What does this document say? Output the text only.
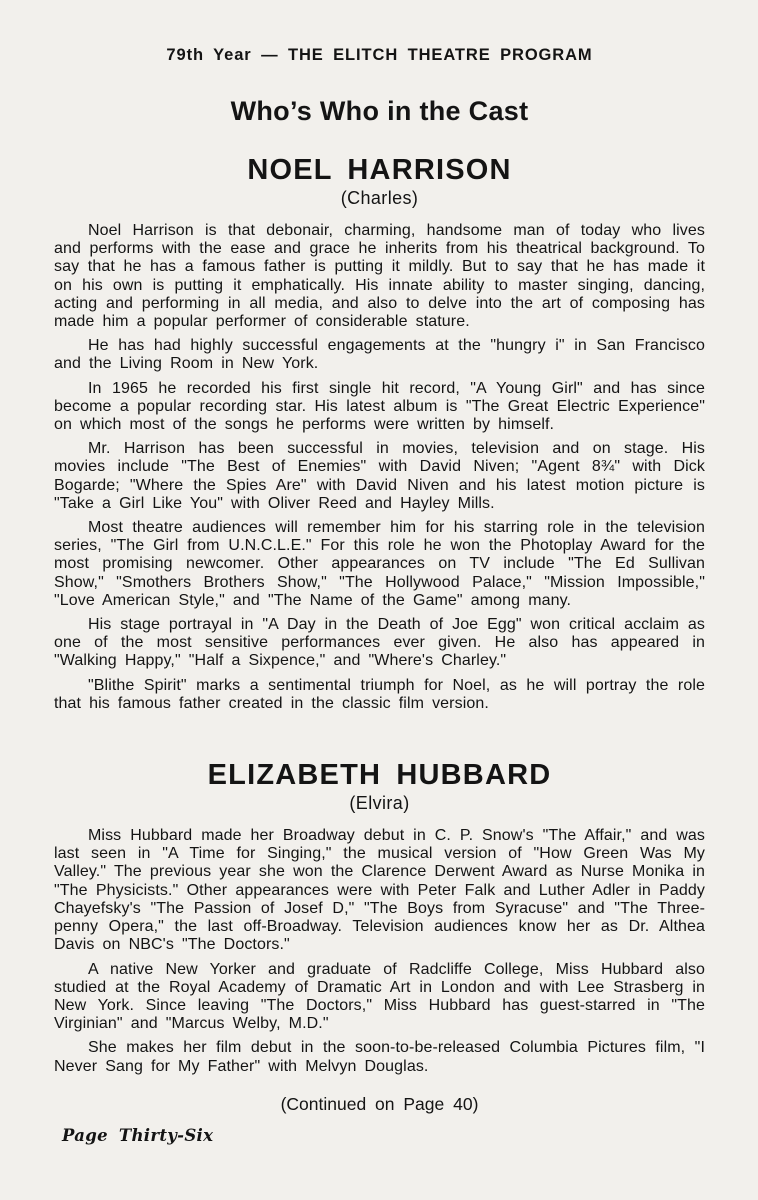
79th Year — THE ELITCH THEATRE PROGRAM
Who’s Who in the Cast
NOEL HARRISON
(Charles)

Noel Harrison is that debonair, charming, handsome man of today who lives and performs with the ease and grace he inherits from his theatrical background. To say that he has a famous father is putting it mildly. But to say that he has made it on his own is putting it emphatically. His innate ability to master singing, dancing, acting and performing in all media, and also to delve into the art of composing has made him a popular performer of considerable stature.

He has had highly successful engagements at the "hungry i" in San Francisco and the Living Room in New York.

In 1965 he recorded his first single hit record, "A Young Girl" and has since become a popular recording star. His latest album is "The Great Electric Experience" on which most of the songs he performs were written by himself.

Mr. Harrison has been successful in movies, television and on stage. His movies include "The Best of Enemies" with David Niven; "Agent 8¾" with Dick Bogarde; "Where the Spies Are" with David Niven and his latest motion picture is "Take a Girl Like You" with Oliver Reed and Hayley Mills.

Most theatre audiences will remember him for his starring role in the television series, "The Girl from U.N.C.L.E." For this role he won the Photoplay Award for the most promising newcomer. Other appearances on TV include "The Ed Sullivan Show," "Smothers Brothers Show," "The Hollywood Palace," "Mission Impossible," "Love American Style," and "The Name of the Game" among many.

His stage portrayal in "A Day in the Death of Joe Egg" won critical acclaim as one of the most sensitive performances ever given. He also has appeared in "Walking Happy," "Half a Sixpence," and "Where's Charley."

"Blithe Spirit" marks a sentimental triumph for Noel, as he will portray the role that his famous father created in the classic film version.

ELIZABETH HUBBARD
(Elvira)

Miss Hubbard made her Broadway debut in C. P. Snow's "The Affair," and was last seen in "A Time for Singing," the musical version of "How Green Was My Valley." The previous year she won the Clarence Derwent Award as Nurse Monika in "The Physicists." Other appearances were with Peter Falk and Luther Adler in Paddy Chayefsky's "The Passion of Josef D," "The Boys from Syracuse" and "The Three-penny Opera," the last off-Broadway. Television audiences know her as Dr. Althea Davis on NBC's "The Doctors."

A native New Yorker and graduate of Radcliffe College, Miss Hubbard also studied at the Royal Academy of Dramatic Art in London and with Lee Strasberg in New York. Since leaving "The Doctors," Miss Hubbard has guest-starred in "The Virginian" and "Marcus Welby, M.D."

She makes her film debut in the soon-to-be-released Columbia Pictures film, "I Never Sang for My Father" with Melvyn Douglas.

(Continued on Page 40)
Page Thirty-Six
